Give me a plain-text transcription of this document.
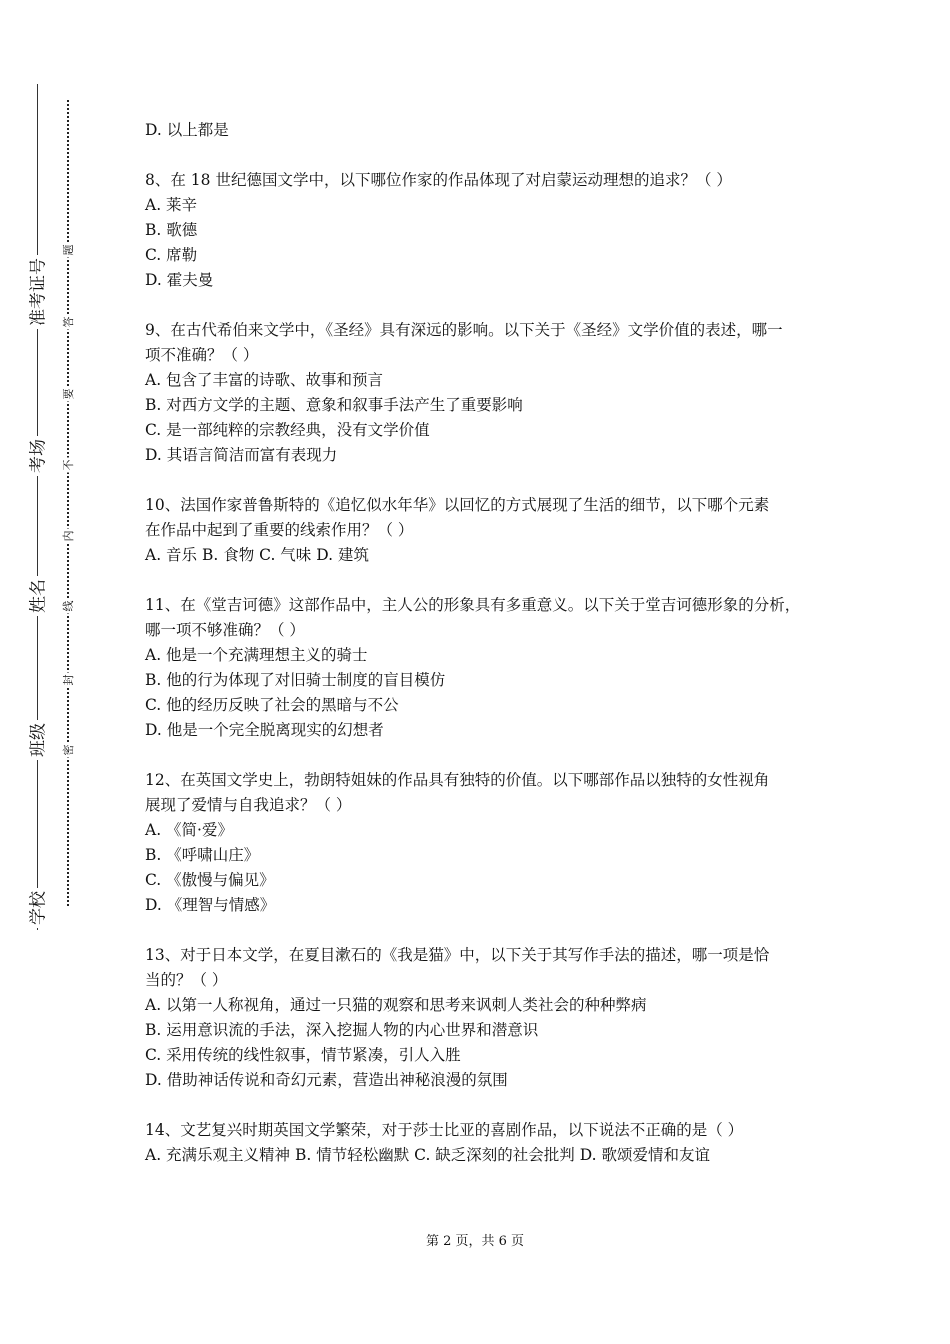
学校
班级
姓名
考场
准考证号
密
封
线
内
不
要
答
题
D. 以上都是
8、在 18 世纪德国文学中，以下哪位作家的作品体现了对启蒙运动理想的追求？（ ）
A. 莱辛
B. 歌德
C. 席勒
D. 霍夫曼
9、在古代希伯来文学中，《圣经》具有深远的影响。以下关于《圣经》文学价值的表述，哪一
项不准确？（ ）
A. 包含了丰富的诗歌、故事和预言
B. 对西方文学的主题、意象和叙事手法产生了重要影响
C. 是一部纯粹的宗教经典，没有文学价值
D. 其语言简洁而富有表现力
10、法国作家普鲁斯特的《追忆似水年华》以回忆的方式展现了生活的细节，以下哪个元素
在作品中起到了重要的线索作用？（ ）
A. 音乐 B. 食物 C. 气味 D. 建筑
11、在《堂吉诃德》这部作品中，主人公的形象具有多重意义。以下关于堂吉诃德形象的分析，
哪一项不够准确？（ ）
A. 他是一个充满理想主义的骑士
B. 他的行为体现了对旧骑士制度的盲目模仿
C. 他的经历反映了社会的黑暗与不公
D. 他是一个完全脱离现实的幻想者
12、在英国文学史上，勃朗特姐妹的作品具有独特的价值。以下哪部作品以独特的女性视角
展现了爱情与自我追求？（ ）
A. 《简·爱》
B. 《呼啸山庄》
C. 《傲慢与偏见》
D. 《理智与情感》
13、对于日本文学，在夏目漱石的《我是猫》中，以下关于其写作手法的描述，哪一项是恰
当的？（ ）
A. 以第一人称视角，通过一只猫的观察和思考来讽刺人类社会的种种弊病
B. 运用意识流的手法，深入挖掘人物的内心世界和潜意识
C. 采用传统的线性叙事，情节紧凑，引人入胜
D. 借助神话传说和奇幻元素，营造出神秘浪漫的氛围
14、文艺复兴时期英国文学繁荣，对于莎士比亚的喜剧作品，以下说法不正确的是（ ）
A. 充满乐观主义精神 B. 情节轻松幽默 C. 缺乏深刻的社会批判 D. 歌颂爱情和友谊
第 2 页，共 6 页
